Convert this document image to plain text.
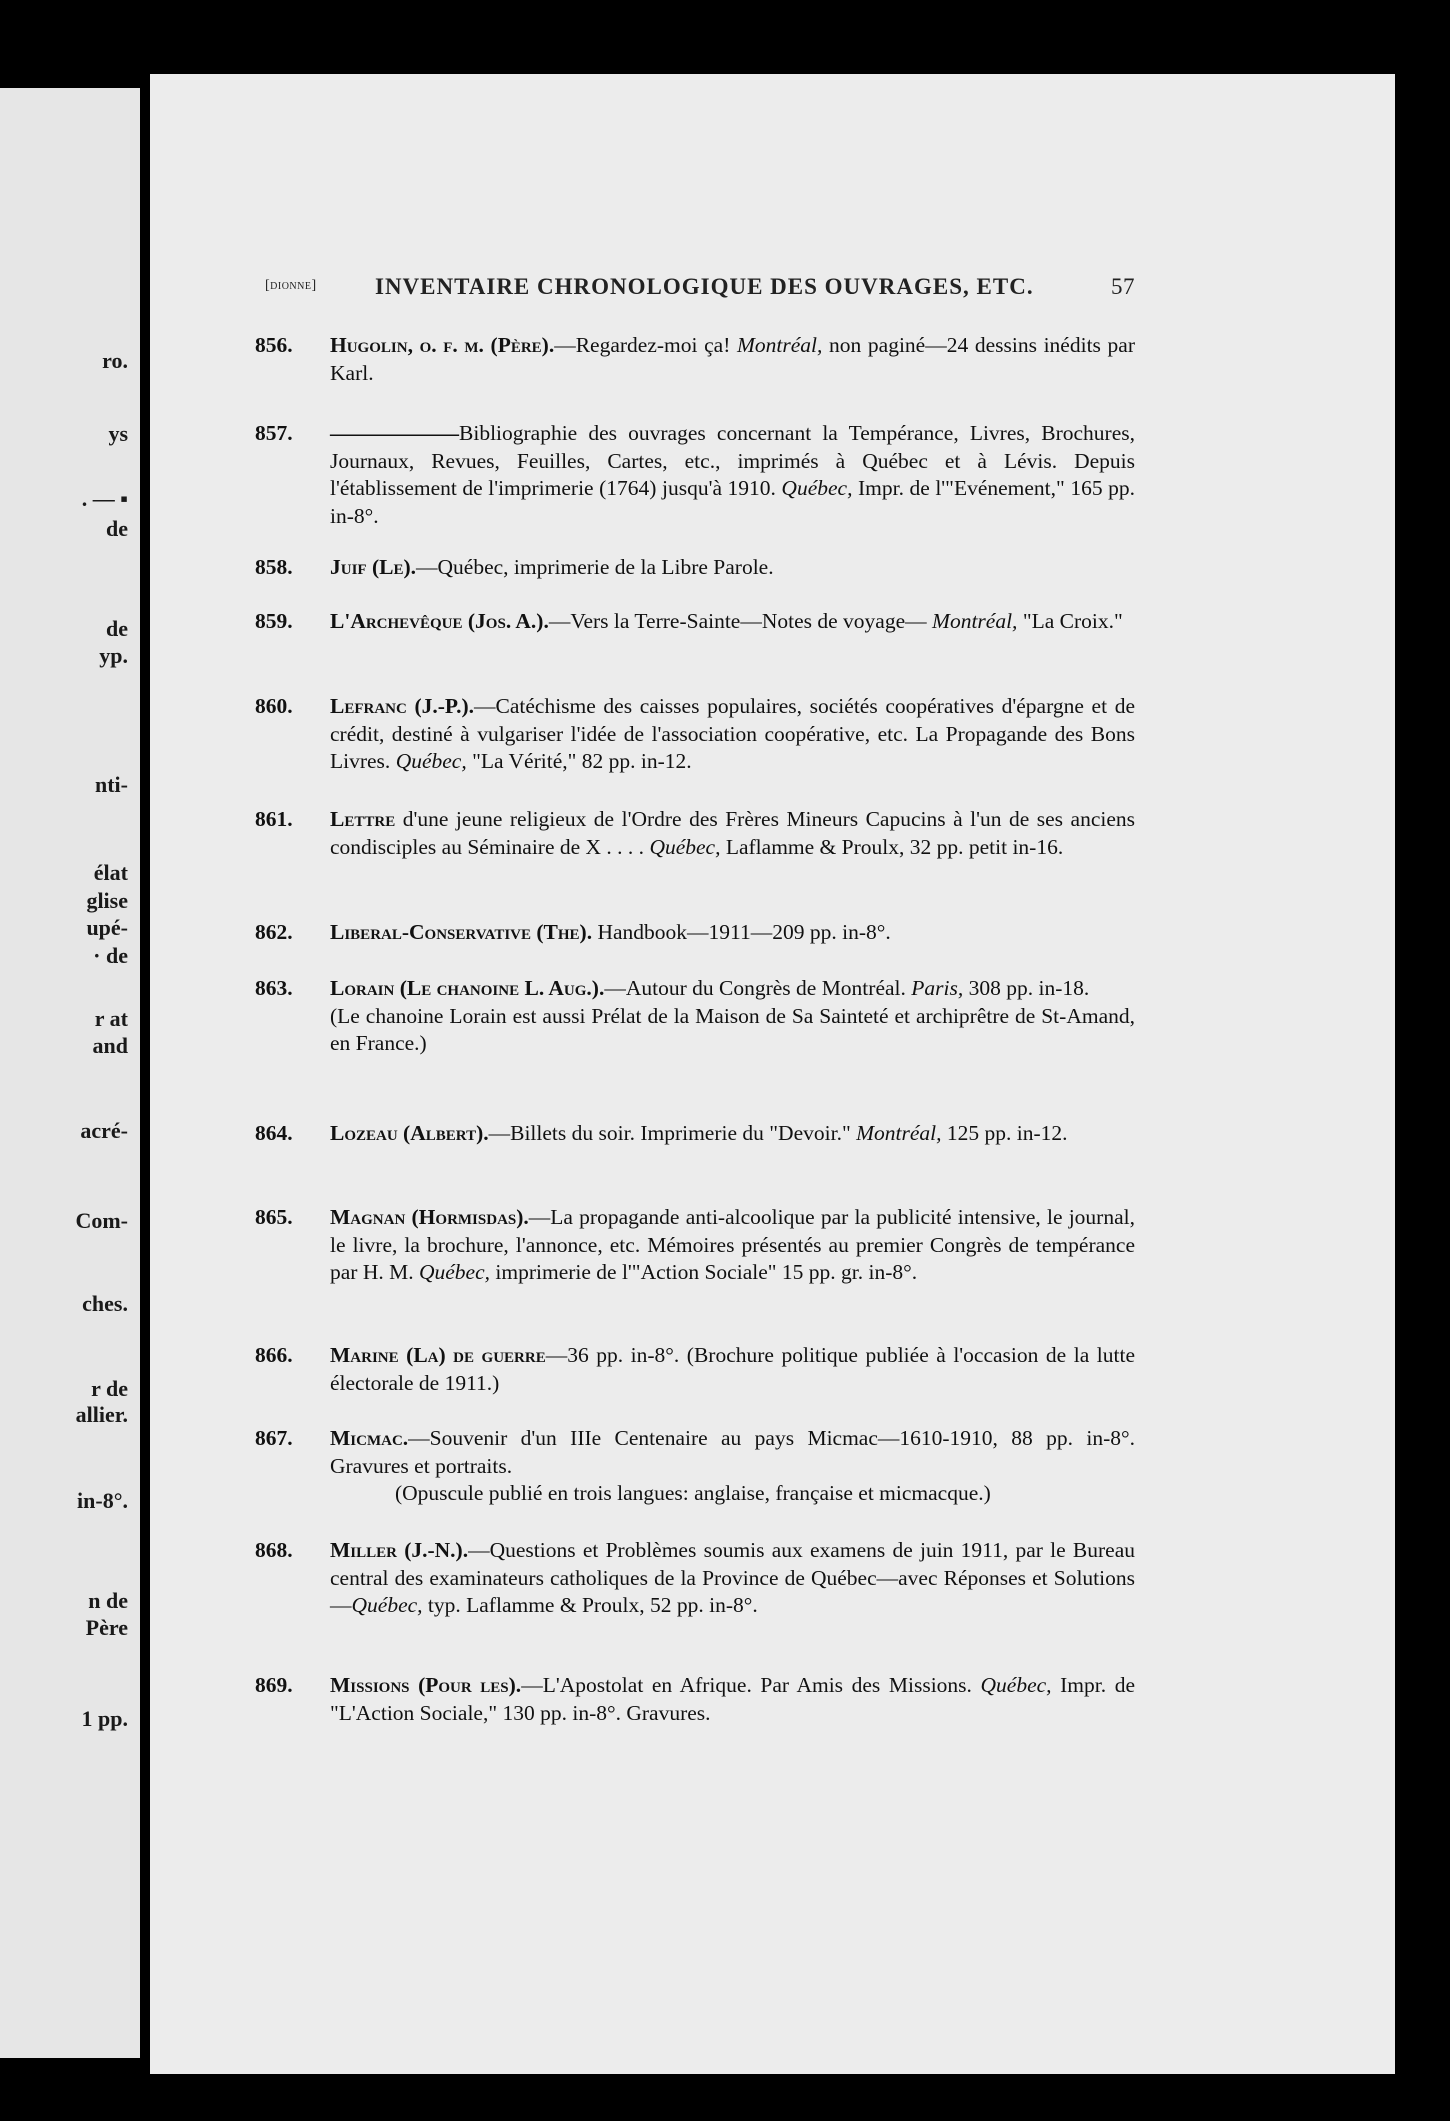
ro.
ys
. — ▪
de
de
yp.
nti-
élat
glise
upé-
· de
r at
and
acré-
Com-
ches.
r de
allier.
in-8°.
n de
Père
1 pp.
[dionne]	INVENTAIRE CHRONOLOGIQUE DES OUVRAGES, ETC.	57
856. Hugolin, o. f. m. (Père).—Regardez-moi ça! Montréal, non paginé—24 dessins inédits par Karl.
857. ——————Bibliographie des ouvrages concernant la Tempérance, Livres, Brochures, Journaux, Revues, Feuilles, Cartes, etc., imprimés à Québec et à Lévis. Depuis l'établissement de l'imprimerie (1764) jusqu'à 1910. Québec, Impr. de l'"Evénement," 165 pp. in-8°.
858. Juif (Le).—Québec, imprimerie de la Libre Parole.
859. L'Archevêque (Jos. A.).—Vers la Terre-Sainte—Notes de voyage— Montréal, "La Croix."
860. Lefranc (J.-P.).—Catéchisme des caisses populaires, sociétés coopératives d'épargne et de crédit, destiné à vulgariser l'idée de l'association coopérative, etc. La Propagande des Bons Livres. Québec, "La Vérité," 82 pp. in-12.
861. Lettre d'une jeune religieux de l'Ordre des Frères Mineurs Capucins à l'un de ses anciens condisciples au Séminaire de X . . . . Québec, Laflamme & Proulx, 32 pp. petit in-16.
862. Liberal-Conservative (The). Handbook—1911—209 pp. in-8°.
863. Lorain (Le chanoine L. Aug.).—Autour du Congrès de Montréal. Paris, 308 pp. in-18.
(Le chanoine Lorain est aussi Prélat de la Maison de Sa Sainteté et archiprêtre de St-Amand, en France.)
864. Lozeau (Albert).—Billets du soir. Imprimerie du "Devoir." Montréal, 125 pp. in-12.
865. Magnan (Hormisdas).—La propagande anti-alcoolique par la publicité intensive, le journal, le livre, la brochure, l'annonce, etc. Mémoires présentés au premier Congrès de tempérance par H. M. Québec, imprimerie de l'"Action Sociale" 15 pp. gr. in-8°.
866. Marine (La) de guerre—36 pp. in-8°. (Brochure politique publiée à l'occasion de la lutte électorale de 1911.)
867. Micmac.—Souvenir d'un IIIe Centenaire au pays Micmac—1610-1910, 88 pp. in-8°. Gravures et portraits.
(Opuscule publié en trois langues: anglaise, française et micmacque.)
868. Miller (J.-N.).—Questions et Problèmes soumis aux examens de juin 1911, par le Bureau central des examinateurs catholiques de la Province de Québec—avec Réponses et Solutions—Québec, typ. Laflamme & Proulx, 52 pp. in-8°.
869. Missions (Pour les).—L'Apostolat en Afrique. Par Amis des Missions. Québec, Impr. de "L'Action Sociale," 130 pp. in-8°. Gravures.
